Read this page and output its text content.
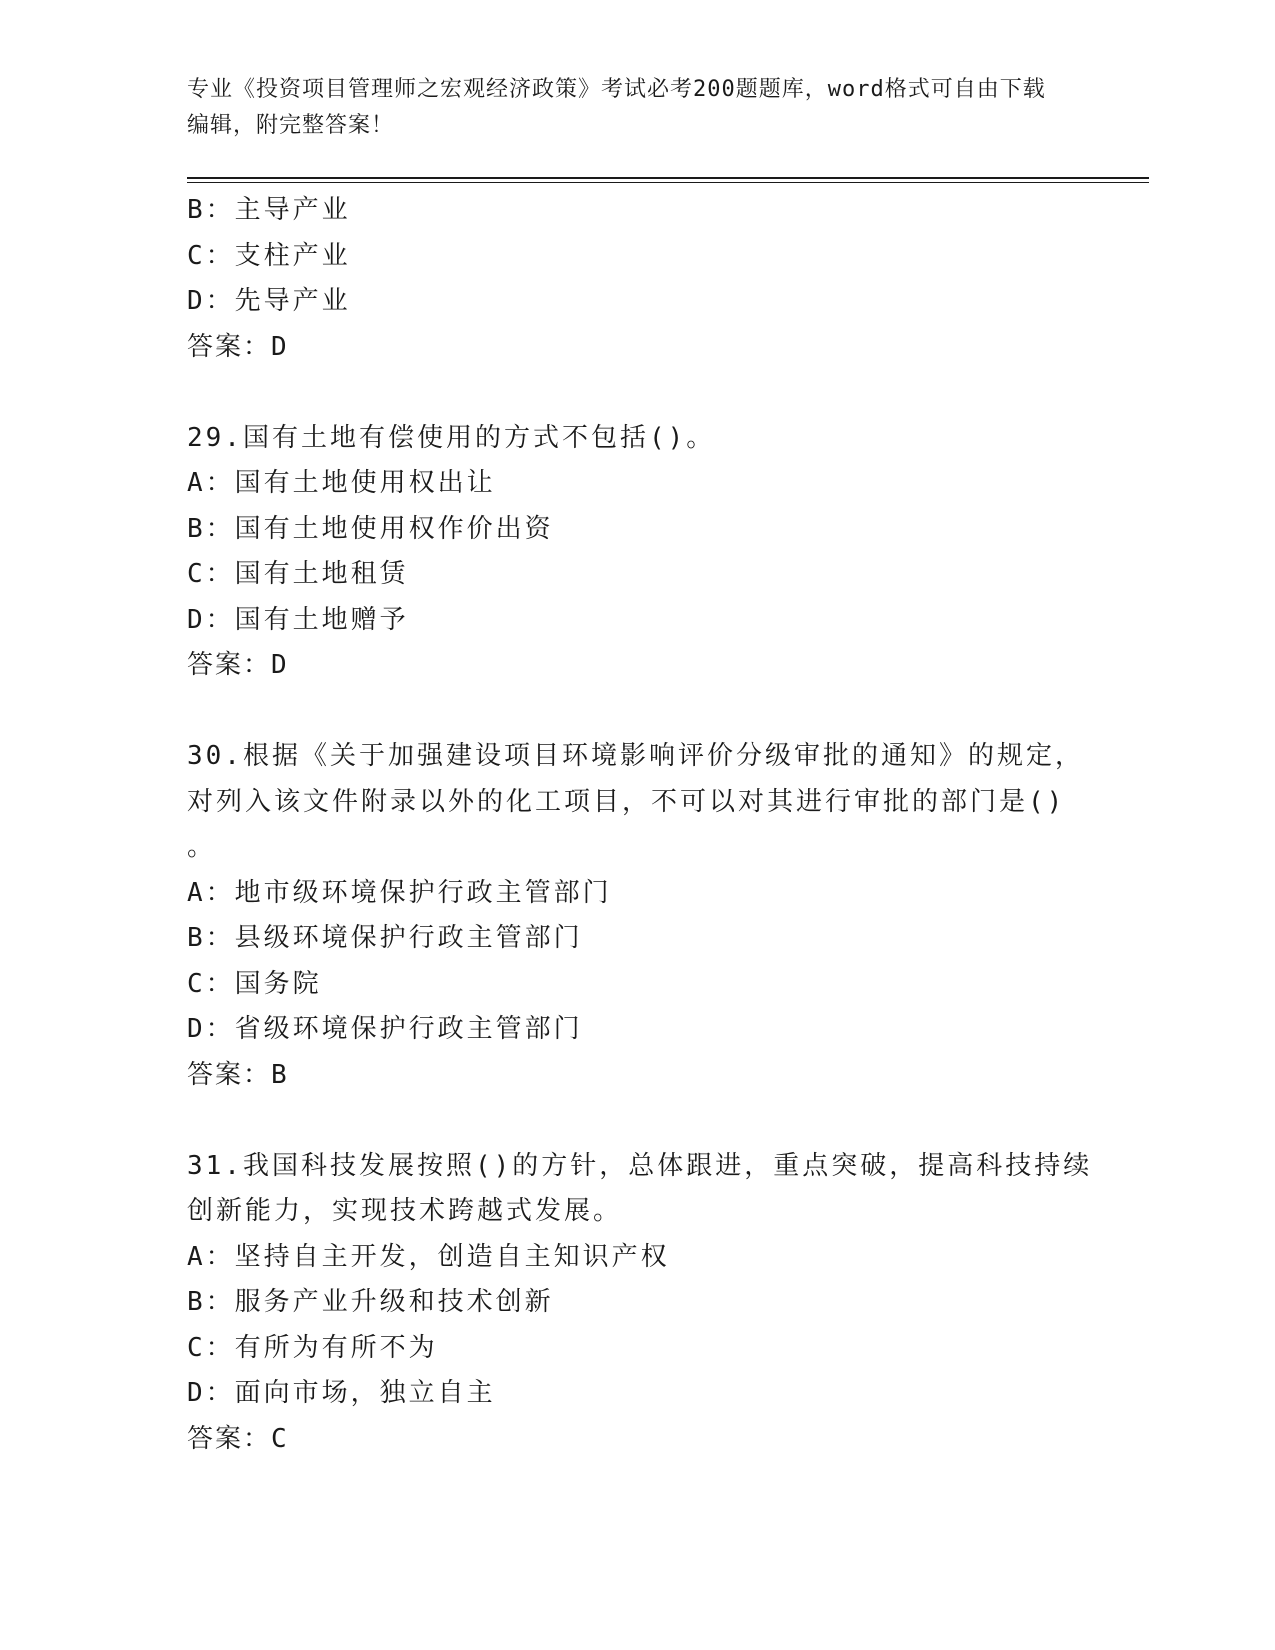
专业《投资项目管理师之宏观经济政策》考试必考200题题库，word格式可自由下载编辑，附完整答案！

B：主导产业
C：支柱产业
D：先导产业
答案：D
29.国有土地有偿使用的方式不包括()。
A：国有土地使用权出让
B：国有土地使用权作价出资
C：国有土地租赁
D：国有土地赠予
答案：D
30.根据《关于加强建设项目环境影响评价分级审批的通知》的规定，
对列入该文件附录以外的化工项目，不可以对其进行审批的部门是()
。
A：地市级环境保护行政主管部门
B：县级环境保护行政主管部门
C：国务院
D：省级环境保护行政主管部门
答案：B
31.我国科技发展按照()的方针，总体跟进，重点突破，提高科技持续
创新能力，实现技术跨越式发展。
A：坚持自主开发，创造自主知识产权
B：服务产业升级和技术创新
C：有所为有所不为
D：面向市场，独立自主
答案：C
